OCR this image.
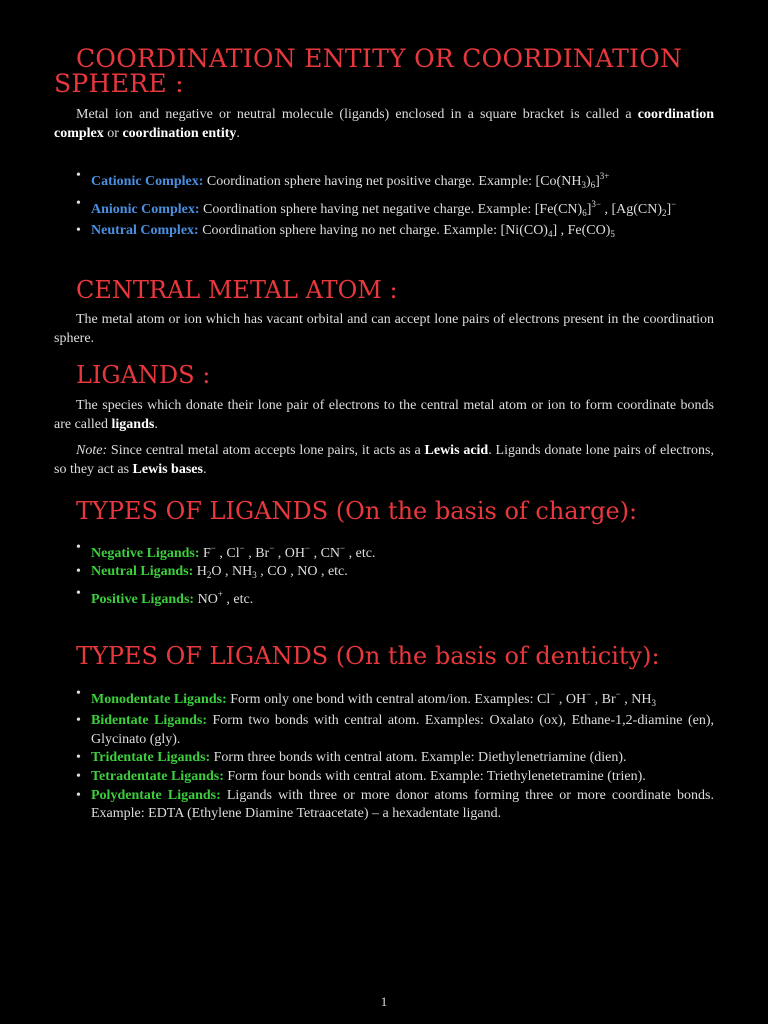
COORDINATION ENTITY OR COORDINATION SPHERE :

Metal ion and negative or neutral molecule (ligands) enclosed in a square bracket is called a coordination complex or coordination entity.

• Cationic Complex: Coordination sphere having net positive charge. Example: $[Co(NH_3)_6]^{3+}$
• Anionic Complex: Coordination sphere having net negative charge. Example: $[Fe(CN)_6]^{3-}$ , $[Ag(CN)_2]^-$
• Neutral Complex: Coordination sphere having no net charge. Example: $[Ni(CO)_4]$ , $Fe(CO)_5$
CENTRAL METAL ATOM :

The metal atom or ion which has vacant orbital and can accept lone pairs of electrons present in the coordination sphere.

LIGANDS :

The species which donate their lone pair of electrons to the central metal atom or ion to form coordinate bonds are called ligands.

Note: Since central metal atom accepts lone pairs, it acts as a Lewis acid. Ligands donate lone pairs of electrons, so they act as Lewis bases.

TYPES OF LIGANDS (On the basis of charge):
• Negative Ligands: F− , Cl− , Br− , OH− , CN− , etc.
• Neutral Ligands: $H_2O$ , $NH_3$ , CO , NO , etc.
• Positive Ligands: NO+ , etc.
TYPES OF LIGANDS (On the basis of denticity):
• Monodentate Ligands: Form only one bond with central atom/ion. Examples: Cl− , OH− , Br− , $NH_3$
• Bidentate Ligands: Form two bonds with central atom. Examples: Oxalato (ox), Ethane-1,2-diamine (en), Glycinato (gly).
• Tridentate Ligands: Form three bonds with central atom. Example: Diethylenetriamine (dien).
• Tetradentate Ligands: Form four bonds with central atom. Example: Triethylenetetramine (trien).
• Polydentate Ligands: Ligands with three or more donor atoms forming three or more coordinate bonds. Example: EDTA (Ethylene Diamine Tetraacetate) – a hexadentate ligand.
1
